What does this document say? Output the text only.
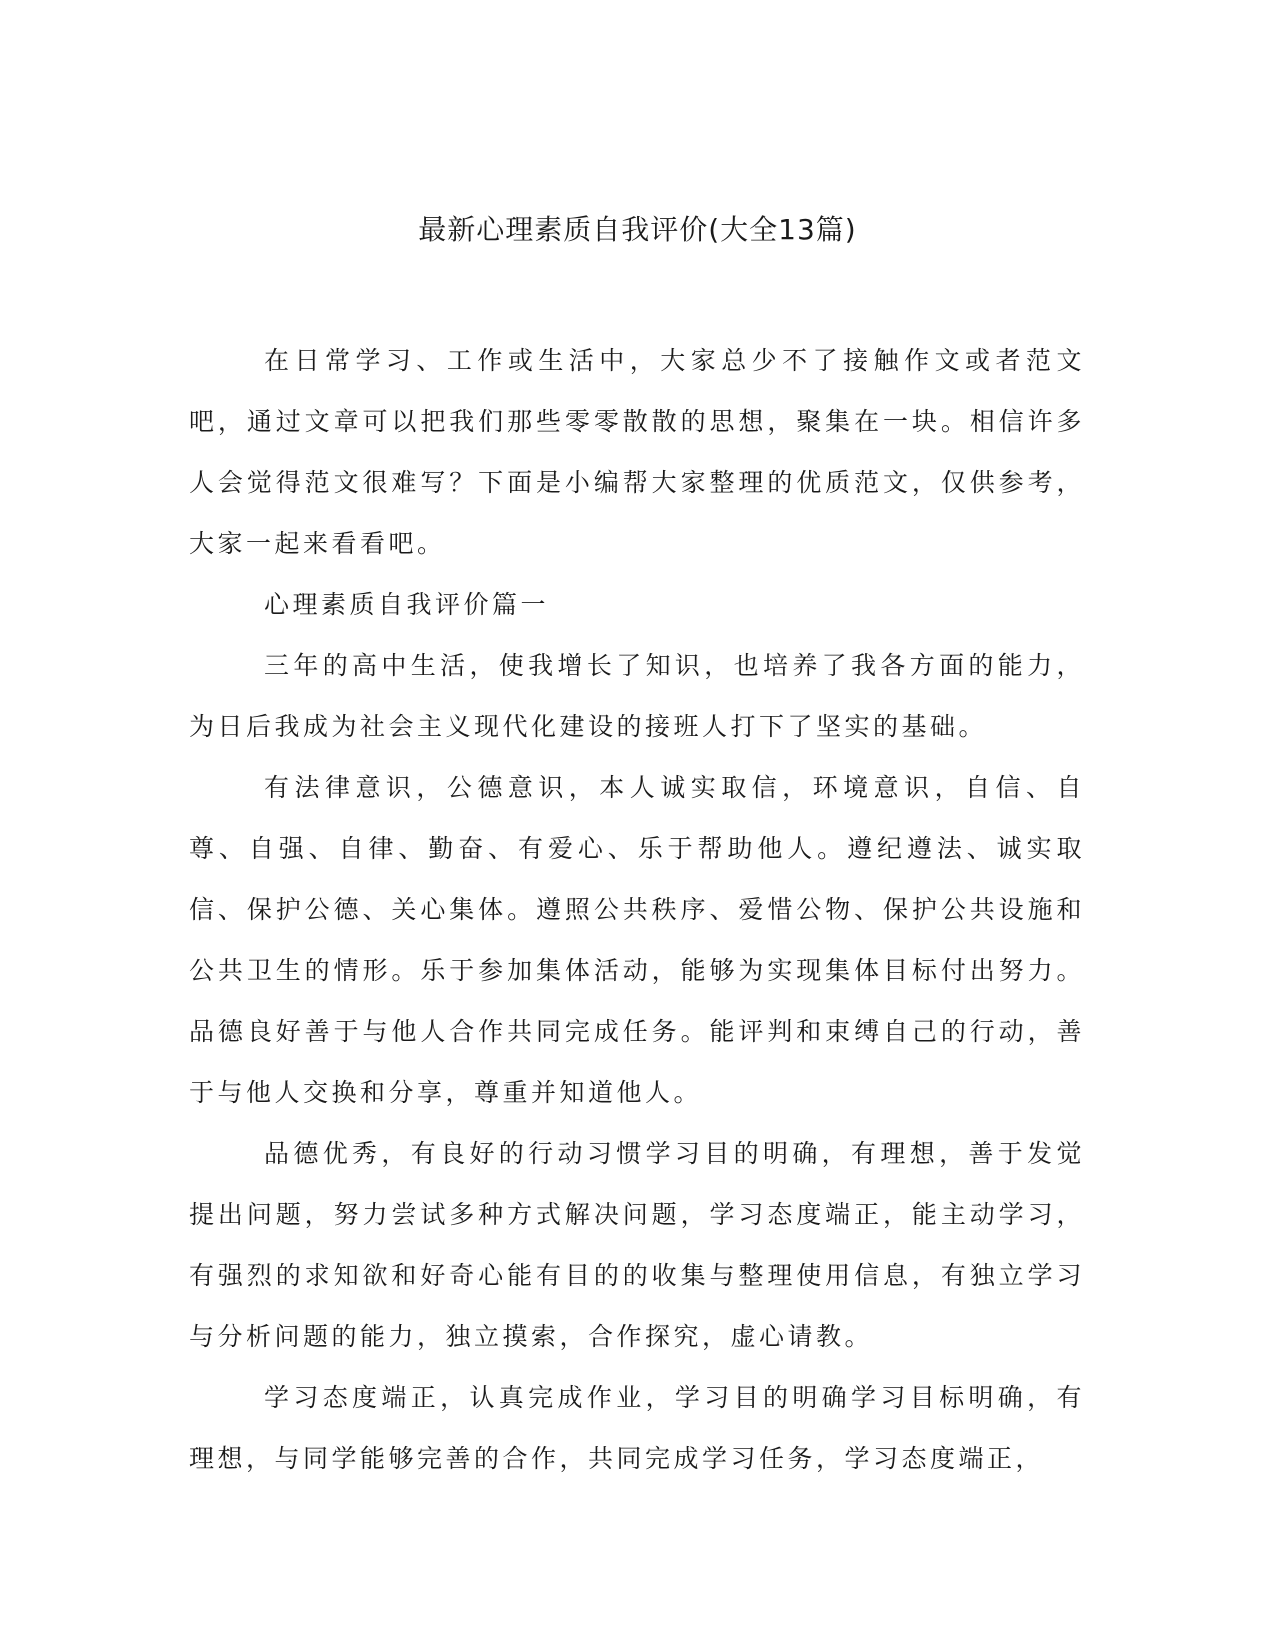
最新心理素质自我评价(大全13篇)

在日常学习、工作或生活中，大家总少不了接触作文或者范文吧，通过文章可以把我们那些零零散散的思想，聚集在一块。相信许多人会觉得范文很难写？下面是小编帮大家整理的优质范文，仅供参考，大家一起来看看吧。

心理素质自我评价篇一

三年的高中生活，使我增长了知识，也培养了我各方面的能力，为日后我成为社会主义现代化建设的接班人打下了坚实的基础。

有法律意识，公德意识，本人诚实取信，环境意识，自信、自尊、自强、自律、勤奋、有爱心、乐于帮助他人。遵纪遵法、诚实取信、保护公德、关心集体。遵照公共秩序、爱惜公物、保护公共设施和公共卫生的情形。乐于参加集体活动，能够为实现集体目标付出努力。品德良好善于与他人合作共同完成任务。能评判和束缚自己的行动，善于与他人交换和分享，尊重并知道他人。

品德优秀，有良好的行动习惯学习目的明确，有理想，善于发觉提出问题，努力尝试多种方式解决问题，学习态度端正，能主动学习，有强烈的求知欲和好奇心能有目的的收集与整理使用信息，有独立学习与分析问题的能力，独立摸索，合作探究，虚心请教。

学习态度端正，认真完成作业，学习目的明确学习目标明确，有理想，与同学能够完善的合作，共同完成学习任务，学习态度端正，
